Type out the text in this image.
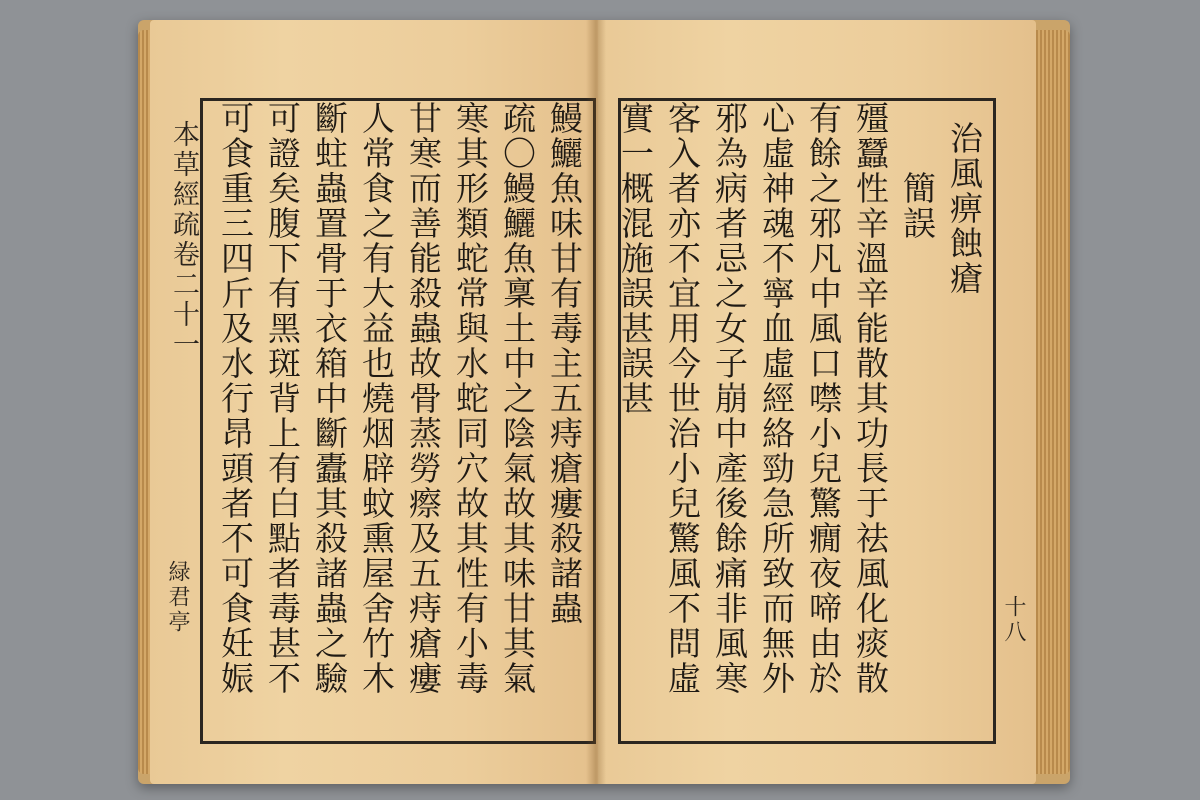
本草經疏卷二十一
緑君亭	鰻鱺魚味甘有毒主五痔瘡瘻殺諸蟲
疏〇鰻鱺魚稟土中之陰氣故其味甘其氣
寒其形類蛇常與水蛇同穴故其性有小毒
甘寒而善能殺蟲故骨蒸勞瘵及五痔瘡瘻
人常食之有大益也燒烟辟蚊熏屋舍竹木
斷蛀蟲置骨于衣箱中斷蠹其殺諸蟲之驗
可證矣腹下有黑斑背上有白點者毒甚不
可食重三四斤及水行昂頭者不可食妊娠	治風痹蝕瘡
簡誤
殭蠶性辛溫辛能散其功長于祛風化痰散
有餘之邪凡中風口噤小兒驚癇夜啼由於
心虛神魂不寧血虛經絡勁急所致而無外
邪為病者忌之女子崩中產後餘痛非風寒
客入者亦不宜用今世治小兒驚風不問虛
實一概混施誤甚誤甚
十八
